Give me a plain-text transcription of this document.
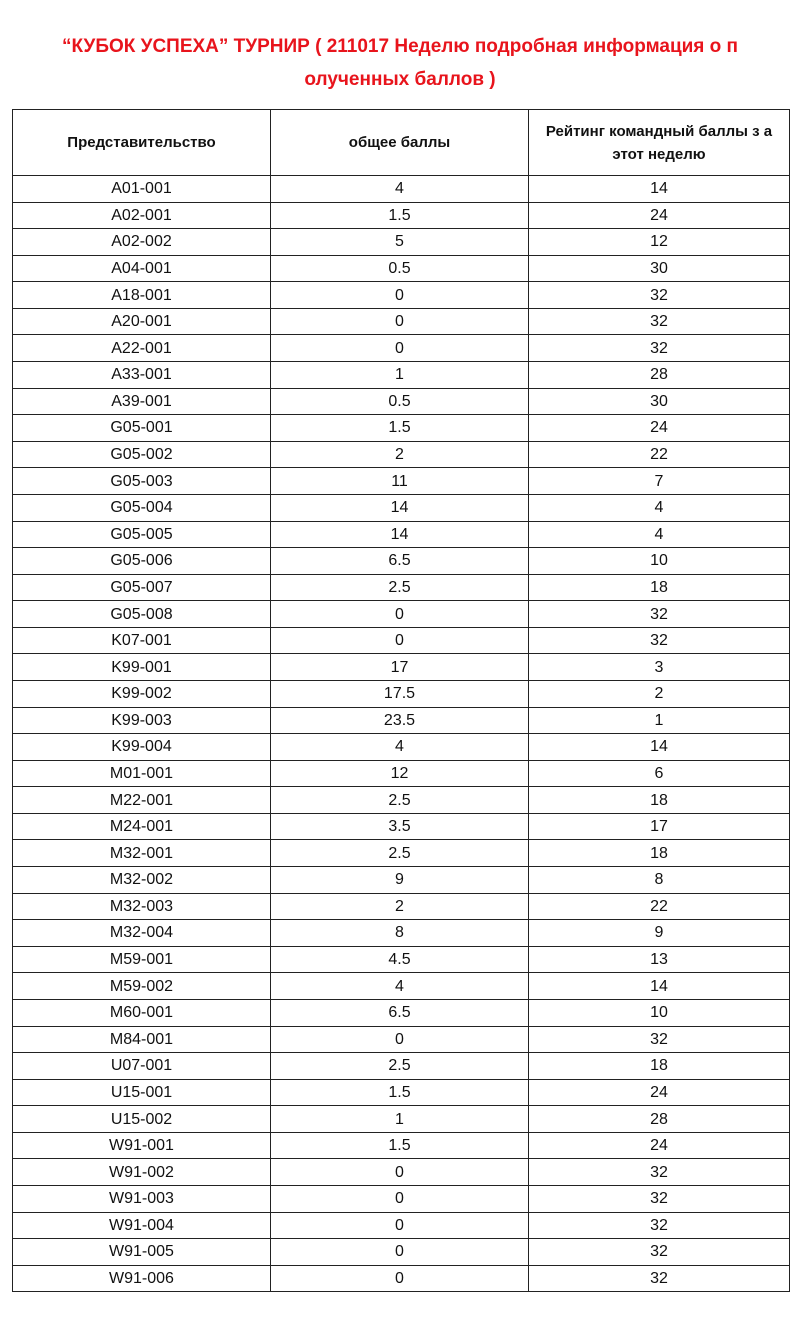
“КУБОК УСПЕХА” ТУРНИР ( 211017 Неделю подробная информация о п
олученных баллов )
Представительство	общее баллы	Рейтинг командный баллы з а этот неделю
A01-001	4	14
A02-001	1.5	24
A02-002	5	12
A04-001	0.5	30
A18-001	0	32
A20-001	0	32
A22-001	0	32
A33-001	1	28
A39-001	0.5	30
G05-001	1.5	24
G05-002	2	22
G05-003	11	7
G05-004	14	4
G05-005	14	4
G05-006	6.5	10
G05-007	2.5	18
G05-008	0	32
K07-001	0	32
K99-001	17	3
K99-002	17.5	2
K99-003	23.5	1
K99-004	4	14
M01-001	12	6
M22-001	2.5	18
M24-001	3.5	17
M32-001	2.5	18
M32-002	9	8
M32-003	2	22
M32-004	8	9
M59-001	4.5	13
M59-002	4	14
M60-001	6.5	10
M84-001	0	32
U07-001	2.5	18
U15-001	1.5	24
U15-002	1	28
W91-001	1.5	24
W91-002	0	32
W91-003	0	32
W91-004	0	32
W91-005	0	32
W91-006	0	32
